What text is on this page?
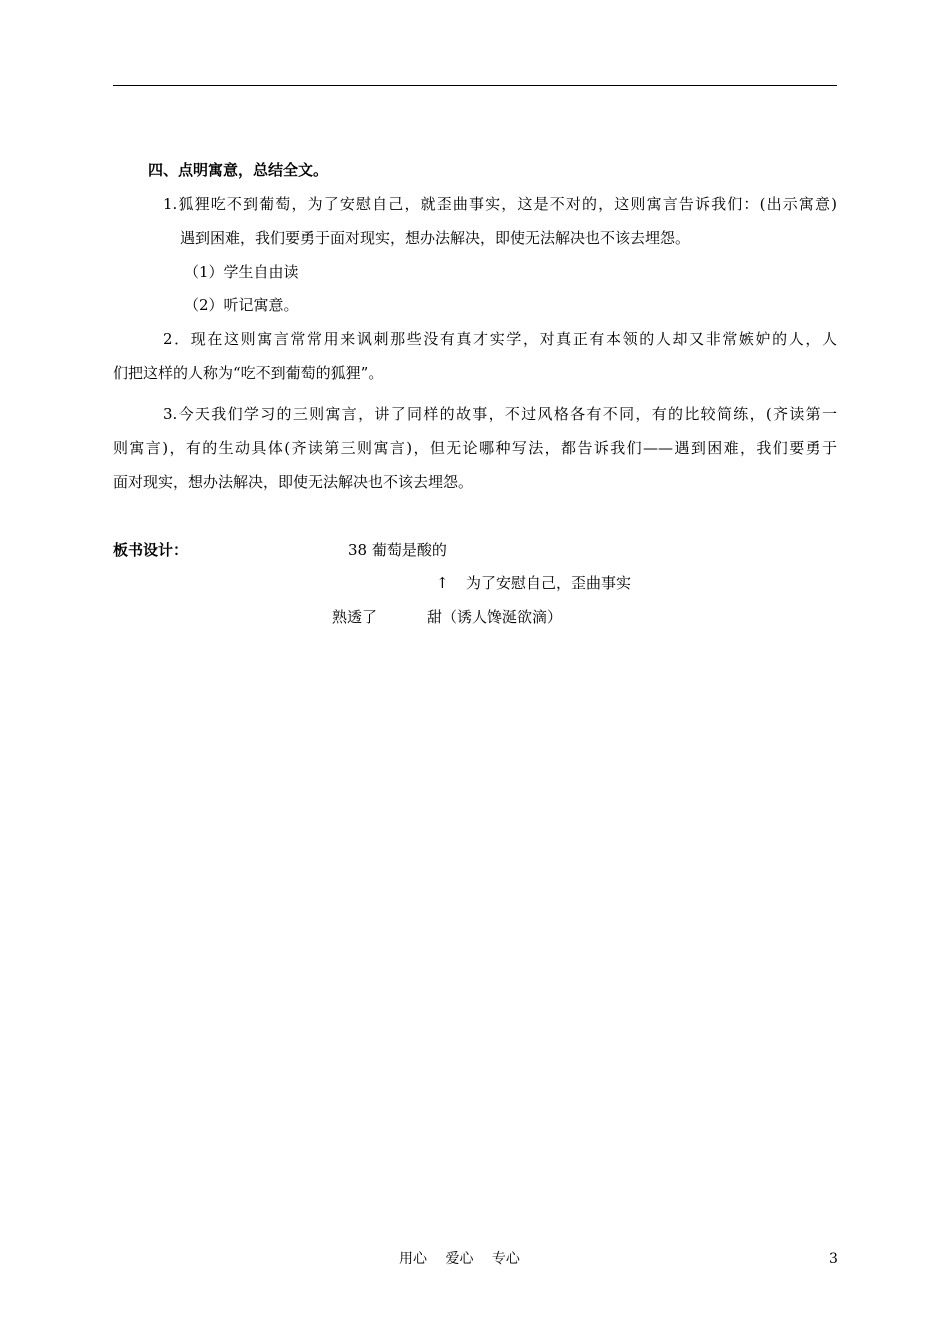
四、点明寓意，总结全文。
1.狐狸吃不到葡萄，为了安慰自己，就歪曲事实，这是不对的，这则寓言告诉我们：(出示寓意)
遇到困难，我们要勇于面对现实，想办法解决，即使无法解决也不该去埋怨。
（1）学生自由读
（2）听记寓意。
2．现在这则寓言常常用来讽刺那些没有真才实学，对真正有本领的人却又非常嫉妒的人，人
们把这样的人称为“吃不到葡萄的狐狸”。
3.今天我们学习的三则寓言，讲了同样的故事，不过风格各有不同，有的比较简练，(齐读第一
则寓言)，有的生动具体(齐读第三则寓言)，但无论哪种写法，都告诉我们——遇到困难，我们要勇于
面对现实，想办法解决，即使无法解决也不该去埋怨。
板书设计：	38 葡萄是酸的
↑ 为了安慰自己，歪曲事实
熟透了	甜（诱人馋涎欲滴）
用心　 爱心　 专心	3
